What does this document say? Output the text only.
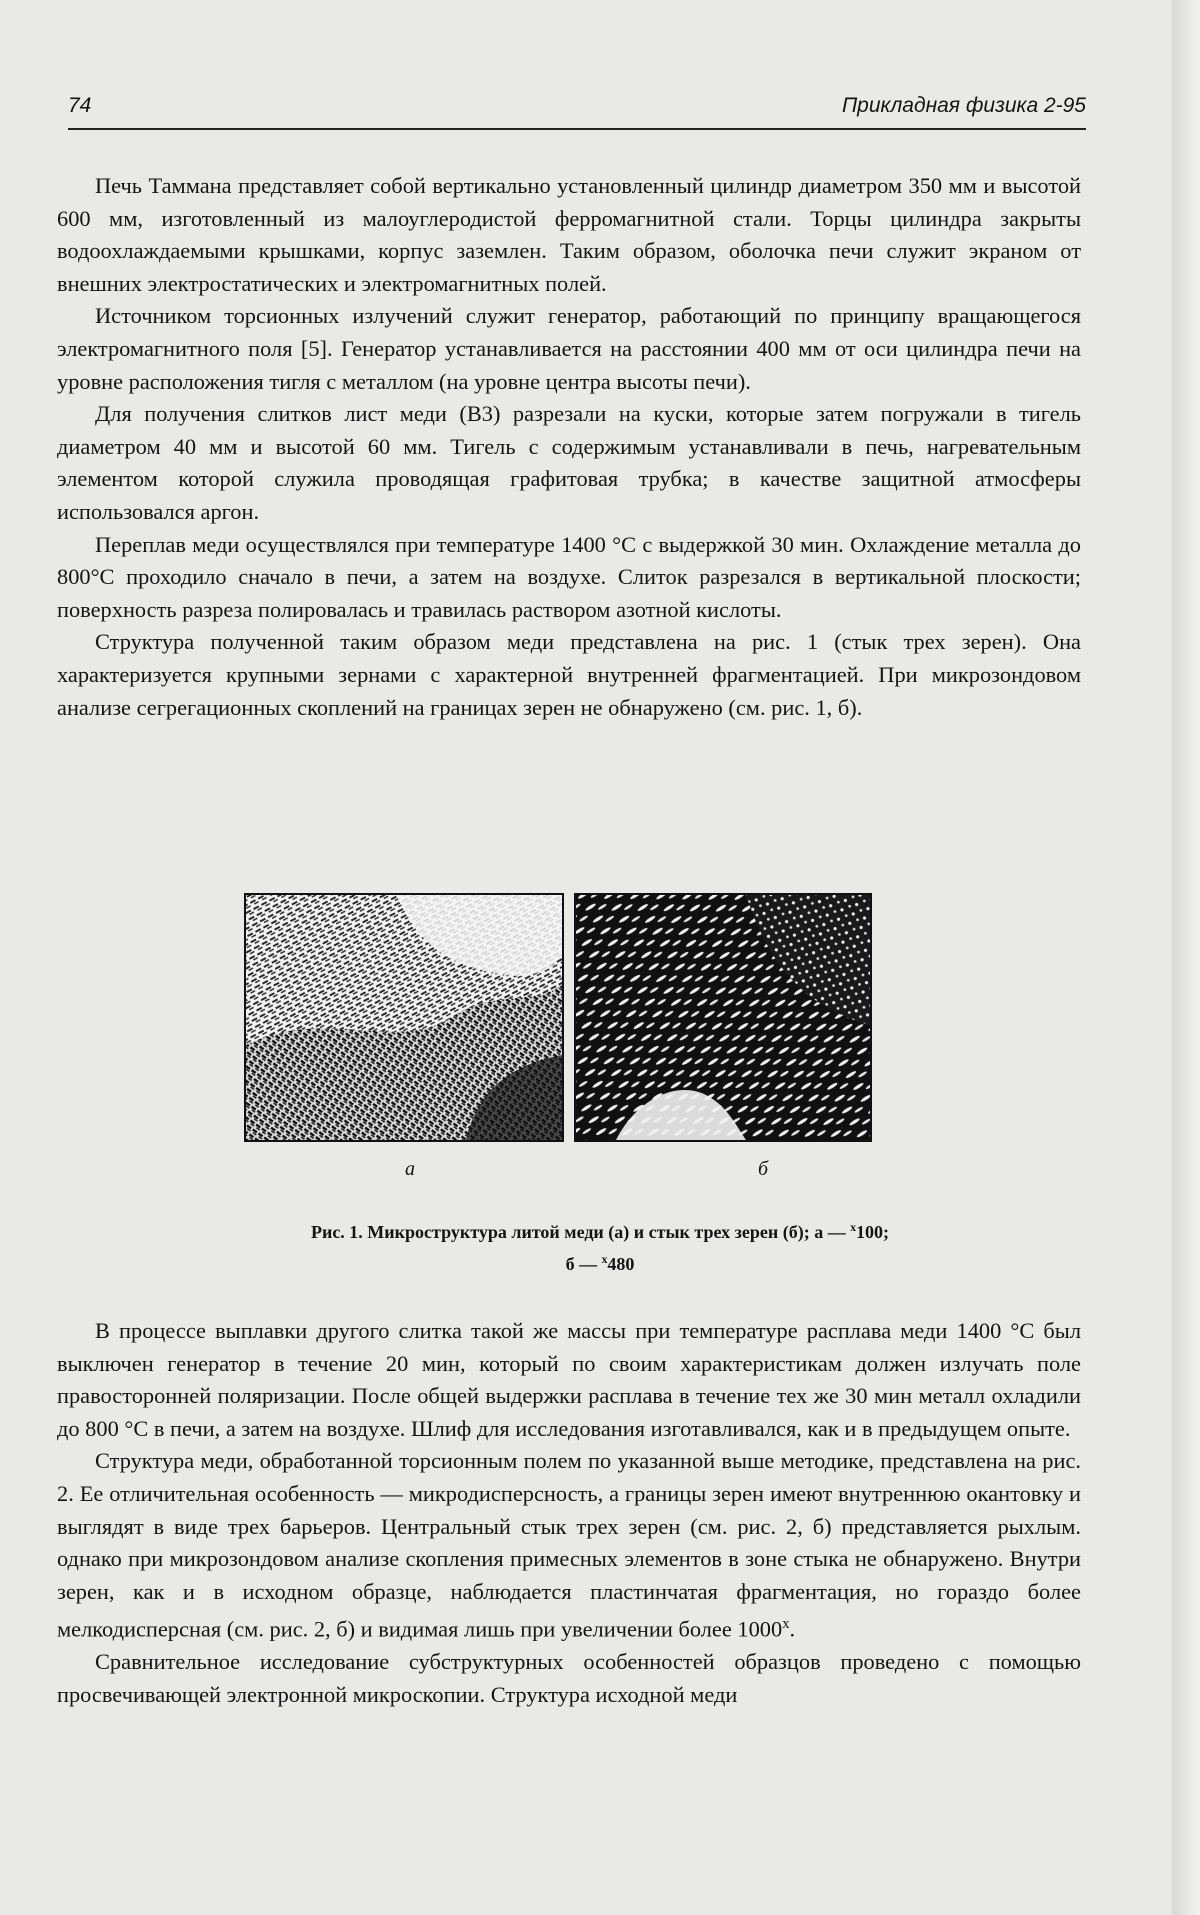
74	Прикладная физика 2-95

Печь Таммана представляет собой вертикально установленный цилиндр диаметром 350 мм и высотой 600 мм, изготовленный из малоуглеродистой ферромагнитной стали. Торцы цилиндра закрыты водоохлаждаемыми крышками, корпус заземлен. Таким образом, оболочка печи служит экраном от внешних электростатических и электромагнитных полей.

Источником торсионных излучений служит генератор, работающий по принципу вращающегося электромагнитного поля [5]. Генератор устанавливается на расстоянии 400 мм от оси цилиндра печи на уровне расположения тигля с металлом (на уровне центра высоты печи).

Для получения слитков лист меди (В3) разрезали на куски, которые затем погружали в тигель диаметром 40 мм и высотой 60 мм. Тигель с содержимым устанавливали в печь, нагревательным элементом которой служила проводящая графитовая трубка; в качестве защитной атмосферы использовался аргон.

Переплав меди осуществлялся при температуре 1400 °С с выдержкой 30 мин. Охлаждение металла до 800°С проходило сначало в печи, а затем на воздухе. Слиток разрезался в вертикальной плоскости; поверхность разреза полировалась и травилась раствором азотной кислоты.

Структура полученной таким образом меди представлена на рис. 1 (стык трех зерен). Она характеризуется крупными зернами с характерной внутренней фрагментацией. При микрозондовом анализе сегрегационных скоплений на границах зерен не обнаружено (см. рис. 1, б).

а	б
Рис. 1. Микроструктура литой меди (а) и стык трех зерен (б); а — $^х$100;
б — $^х$480

В процессе выплавки другого слитка такой же массы при температуре расплава меди 1400 °С был выключен генератор в течение 20 мин, который по своим характеристикам должен излучать поле правосторонней поляризации. После общей выдержки расплава в течение тех же 30 мин металл охладили до 800 °С в печи, а затем на воздухе. Шлиф для исследования изготавливался, как и в предыдущем опыте.

Структура меди, обработанной торсионным полем по указанной выше методике, представлена на рис. 2. Ее отличительная особенность — микродисперсность, а границы зерен имеют внутреннюю окантовку и выглядят в виде трех барьеров. Центральный стык трех зерен (см. рис. 2, б) представляется рыхлым. однако при микрозондовом анализе скопления примесных элементов в зоне стыка не обнаружено. Внутри зерен, как и в исходном образце, наблюдается пластинчатая фрагментация, но гораздо более мелкодисперсная (см. рис. 2, б) и видимая лишь при увеличении более $1000^х$.

Сравнительное исследование субструктурных особенностей образцов проведено с помощью просвечивающей электронной микроскопии. Структура исходной меди
